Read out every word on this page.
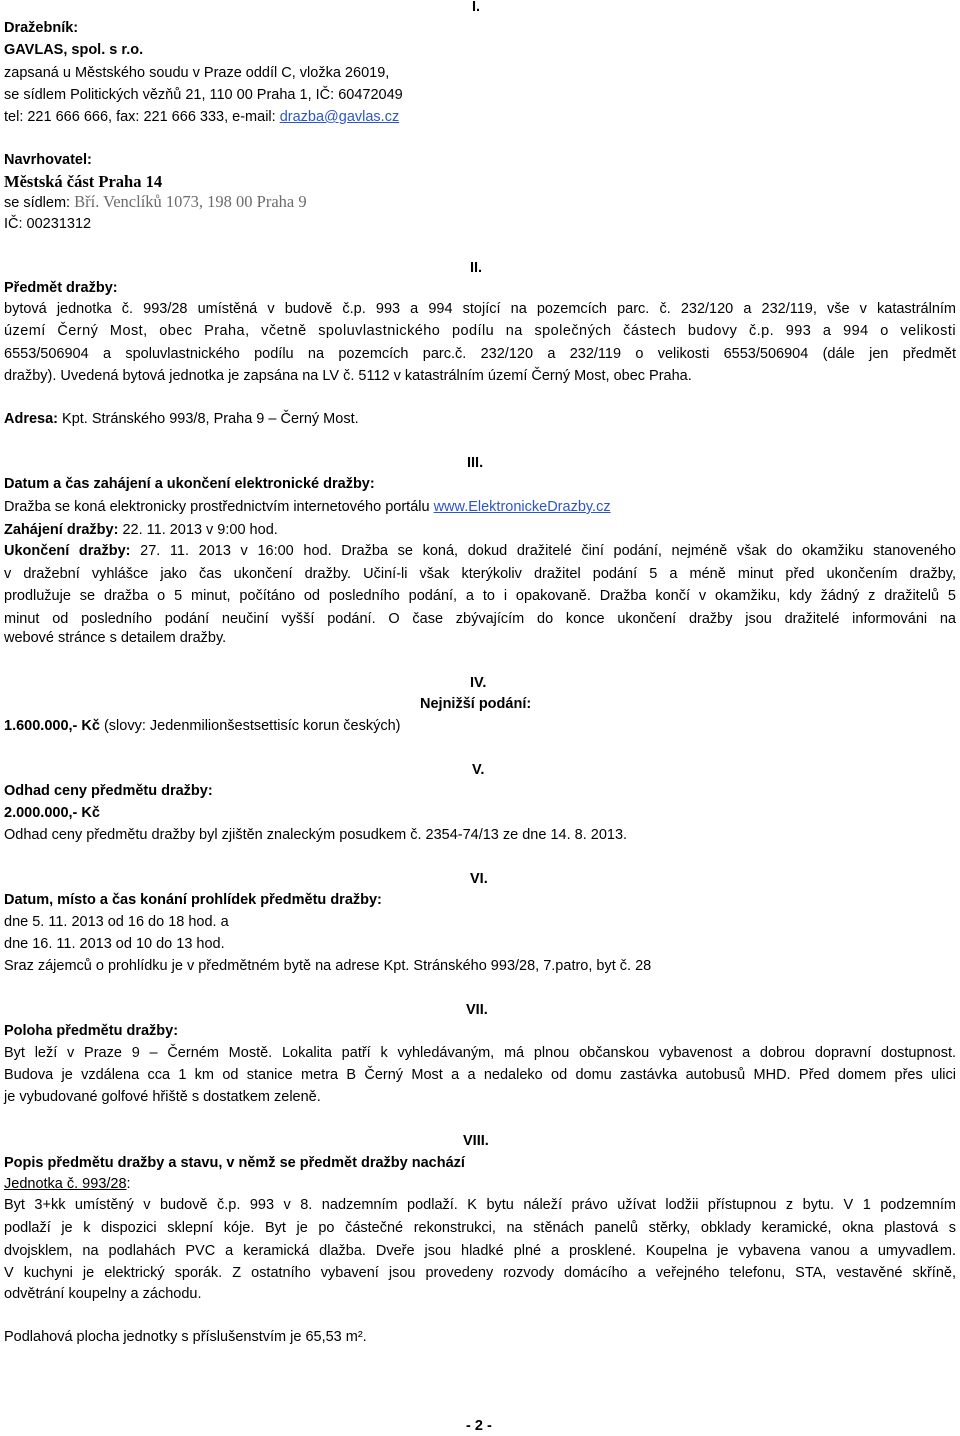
I.
Dražebník:
GAVLAS, spol. s r.o.
zapsaná u Městského soudu v Praze oddíl C, vložka 26019,
se sídlem Politických vězňů 21, 110 00 Praha 1, IČ: 60472049
tel: 221 666 666, fax: 221 666 333, e-mail: drazba@gavlas.cz
Navrhovatel:
Městská část Praha 14
se sídlem: Bří. Venclíků 1073, 198 00 Praha 9
IČ: 00231312
II.
Předmět dražby:
bytová jednotka č. 993/28 umístěná v budově č.p. 993 a 994 stojící na pozemcích parc. č. 232/120 a 232/119, vše v katastrálním
území Černý Most, obec Praha, včetně spoluvlastnického podílu na společných částech budovy č.p. 993 a 994 o velikosti
6553/506904 a spoluvlastnického podílu na pozemcích parc.č. 232/120 a 232/119 o velikosti 6553/506904 (dále jen předmět
dražby). Uvedená bytová jednotka je zapsána na LV č. 5112 v katastrálním území Černý Most, obec Praha.
Adresa: Kpt. Stránského 993/8, Praha 9 – Černý Most.
III.
Datum a čas zahájení a ukončení elektronické dražby:
Dražba se koná elektronicky prostřednictvím internetového portálu www.ElektronickeDrazby.cz
Zahájení dražby: 22. 11. 2013 v 9:00 hod.
Ukončení dražby: 27. 11. 2013 v 16:00 hod. Dražba se koná, dokud dražitelé činí podání, nejméně však do okamžiku stanoveného
v dražební vyhlášce jako čas ukončení dražby. Učiní-li však kterýkoliv dražitel podání 5 a méně minut před ukončením dražby,
prodlužuje se dražba o 5 minut, počítáno od posledního podání, a to i opakovaně. Dražba končí v okamžiku, kdy žádný z dražitelů 5
minut od posledního podání neučiní vyšší podání. O čase zbývajícím do konce ukončení dražby jsou dražitelé informováni na
webové stránce s detailem dražby.
IV.
Nejnižší podání:
1.600.000,- Kč (slovy: Jedenmilionšestsettisíc korun českých)
V.
Odhad ceny předmětu dražby:
2.000.000,- Kč
Odhad ceny předmětu dražby byl zjištěn znaleckým posudkem č. 2354-74/13 ze dne 14. 8. 2013.
VI.
Datum, místo a čas konání prohlídek předmětu dražby:
dne 5. 11. 2013 od 16 do 18 hod. a
dne 16. 11. 2013 od 10 do 13 hod.
Sraz zájemců o prohlídku je v předmětném bytě na adrese Kpt. Stránského 993/28, 7.patro, byt č. 28
VII.
Poloha předmětu dražby:
Byt leží v Praze 9 – Černém Mostě. Lokalita patří k vyhledávaným, má plnou občanskou vybavenost a dobrou dopravní dostupnost.
Budova je vzdálena cca 1 km od stanice metra B Černý Most a a nedaleko od domu zastávka autobusů MHD. Před domem přes ulici
je vybudované golfové hřiště s dostatkem zeleně.
VIII.
Popis předmětu dražby a stavu, v němž se předmět dražby nachází
Jednotka č. 993/28:
Byt 3+kk umístěný v budově č.p. 993 v 8. nadzemním podlaží. K bytu náleží právo užívat lodžii přístupnou z bytu. V 1 podzemním
podlaží je k dispozici sklepní kóje. Byt je po částečné rekonstrukci, na stěnách panelů stěrky, obklady keramické, okna plastová s
dvojsklem, na podlahách PVC a keramická dlažba. Dveře jsou hladké plné a prosklené. Koupelna je vybavena vanou a umyvadlem.
V kuchyni je elektrický sporák. Z ostatního vybavení jsou provedeny rozvody domácího a veřejného telefonu, STA, vestavěné skříně,
odvětrání koupelny a záchodu.
Podlahová plocha jednotky s příslušenstvím je 65,53 m².
- 2 -
